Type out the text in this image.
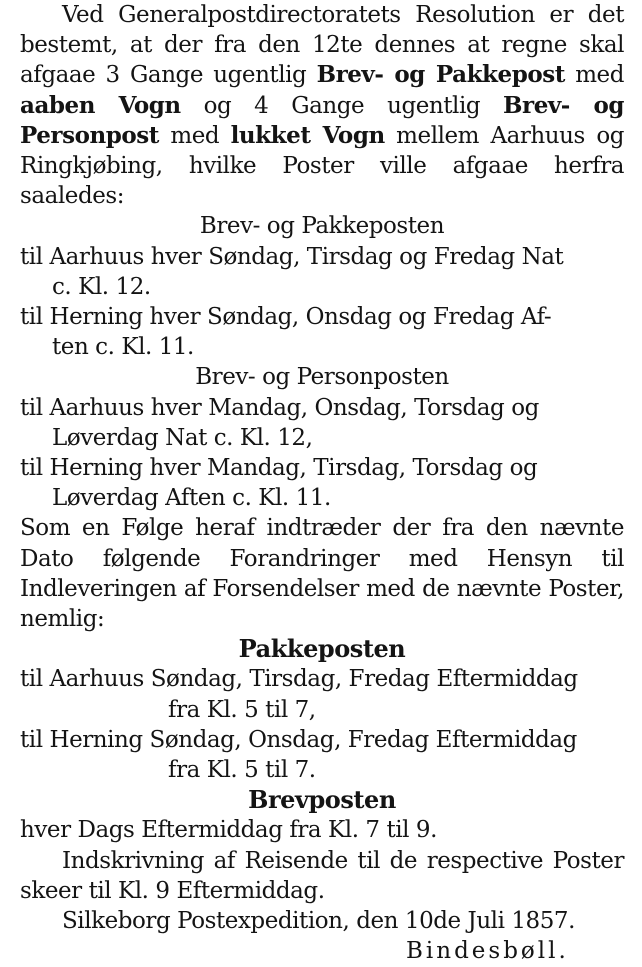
Ved Generalpostdirectoratets Resolution er det bestemt, at der fra den 12te dennes at regne skal afgaae 3 Gange ugentlig Brev- og Pakkepost med aaben Vogn og 4 Gange ugentlig Brev- og Personpost med lukket Vogn mellem Aarhuus og Ringkjøbing, hvilke Poster ville afgaae herfra saaledes:

Brev- og Pakkeposten

til Aarhuus hver Søndag, Tirsdag og Fredag Nat
c. Kl. 12.

til Herning hver Søndag, Onsdag og Fredag Af-
ten c. Kl. 11.

Brev- og Personposten

til Aarhuus hver Mandag, Onsdag, Torsdag og
Løverdag Nat c. Kl. 12,

til Herning hver Mandag, Tirsdag, Torsdag og
Løverdag Aften c. Kl. 11.

Som en Følge heraf indtræder der fra den nævnte Dato følgende Forandringer med Hensyn til Indleveringen af Forsendelser med de nævnte Poster, nemlig:

Pakkeposten

til Aarhuus Søndag, Tirsdag, Fredag Eftermiddag
fra Kl. 5 til 7,

til Herning Søndag, Onsdag, Fredag Eftermiddag
fra Kl. 5 til 7.

Brevposten

hver Dags Eftermiddag fra Kl. 7 til 9.

Indskrivning af Reisende til de respective Poster skeer til Kl. 9 Eftermiddag.

Silkeborg Postexpedition, den 10de Juli 1857.

Bindesbøll.
